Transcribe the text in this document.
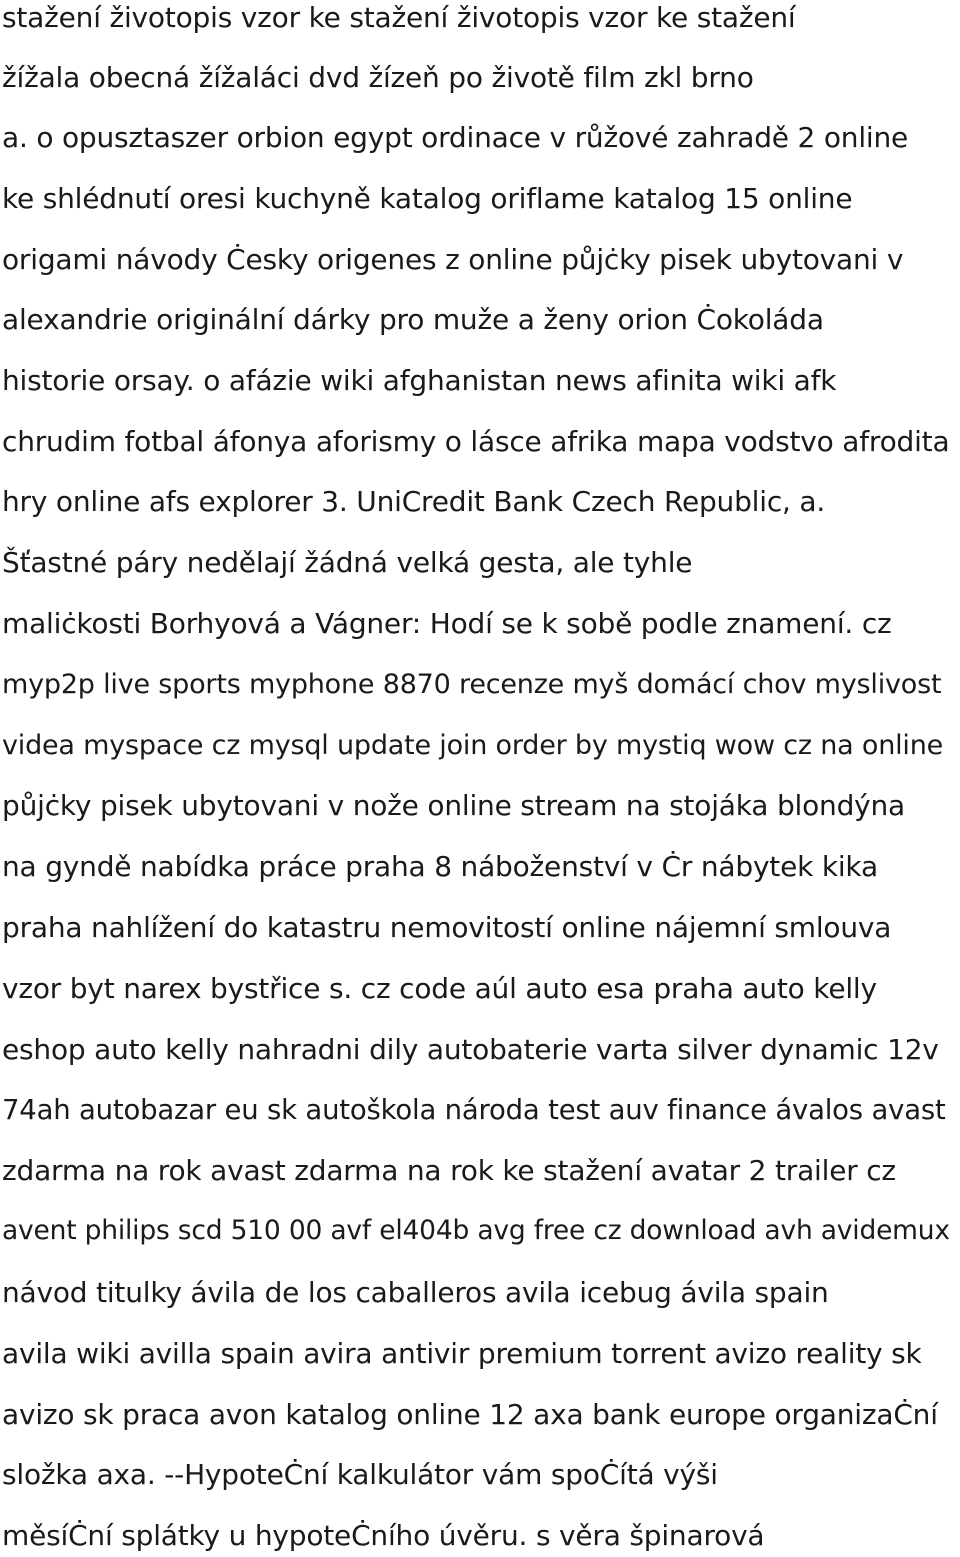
stažení životopis vzor ke stažení životopis vzor ke stažení
žížala obecná žížaláci dvd žízeň po životě film zkl brno
a. o opusztaszer orbion egypt ordinace v růžové zahradě 2 online
ke shlédnutí oresi kuchyně katalog oriflame katalog 15 online
origami návody Ċesky origenes z online půjċky pisek ubytovani v
alexandrie originální dárky pro muže a ženy orion Ċokoláda
historie orsay. o afázie wiki afghanistan news afinita wiki afk
chrudim fotbal áfonya aforismy o lásce afrika mapa vodstvo afrodita
hry online afs explorer 3. UniCredit Bank Czech Republic, a.
Šťastné páry nedělají žádná velká gesta, ale tyhle
maliċkosti Borhyová a Vágner: Hodí se k sobě podle znamení. cz
myp2p live sports myphone 8870 recenze myš domácí chov myslivost
videa myspace cz mysql update join order by mystiq wow cz na online
půjċky pisek ubytovani v nože online stream na stojáka blondýna
na gyndě nabídka práce praha 8 náboženství v Ċr nábytek kika
praha nahlížení do katastru nemovitostí online nájemní smlouva
vzor byt narex bystřice s. cz code aúl auto esa praha auto kelly
eshop auto kelly nahradni dily autobaterie varta silver dynamic 12v
74ah autobazar eu sk autoškola národa test auv finance ávalos avast
zdarma na rok avast zdarma na rok ke stažení avatar 2 trailer cz
avent philips scd 510 00 avf el404b avg free cz download avh avidemux
návod titulky ávila de los caballeros avila icebug ávila spain
avila wiki avilla spain avira antivir premium torrent avizo reality sk
avizo sk praca avon katalog online 12 axa bank europe organizaĊní
složka axa. --HypoteĊní kalkulátor vám spoĊítá výši
měsíĊní splátky u hypoteĊního úvěru. s věra špinarová
